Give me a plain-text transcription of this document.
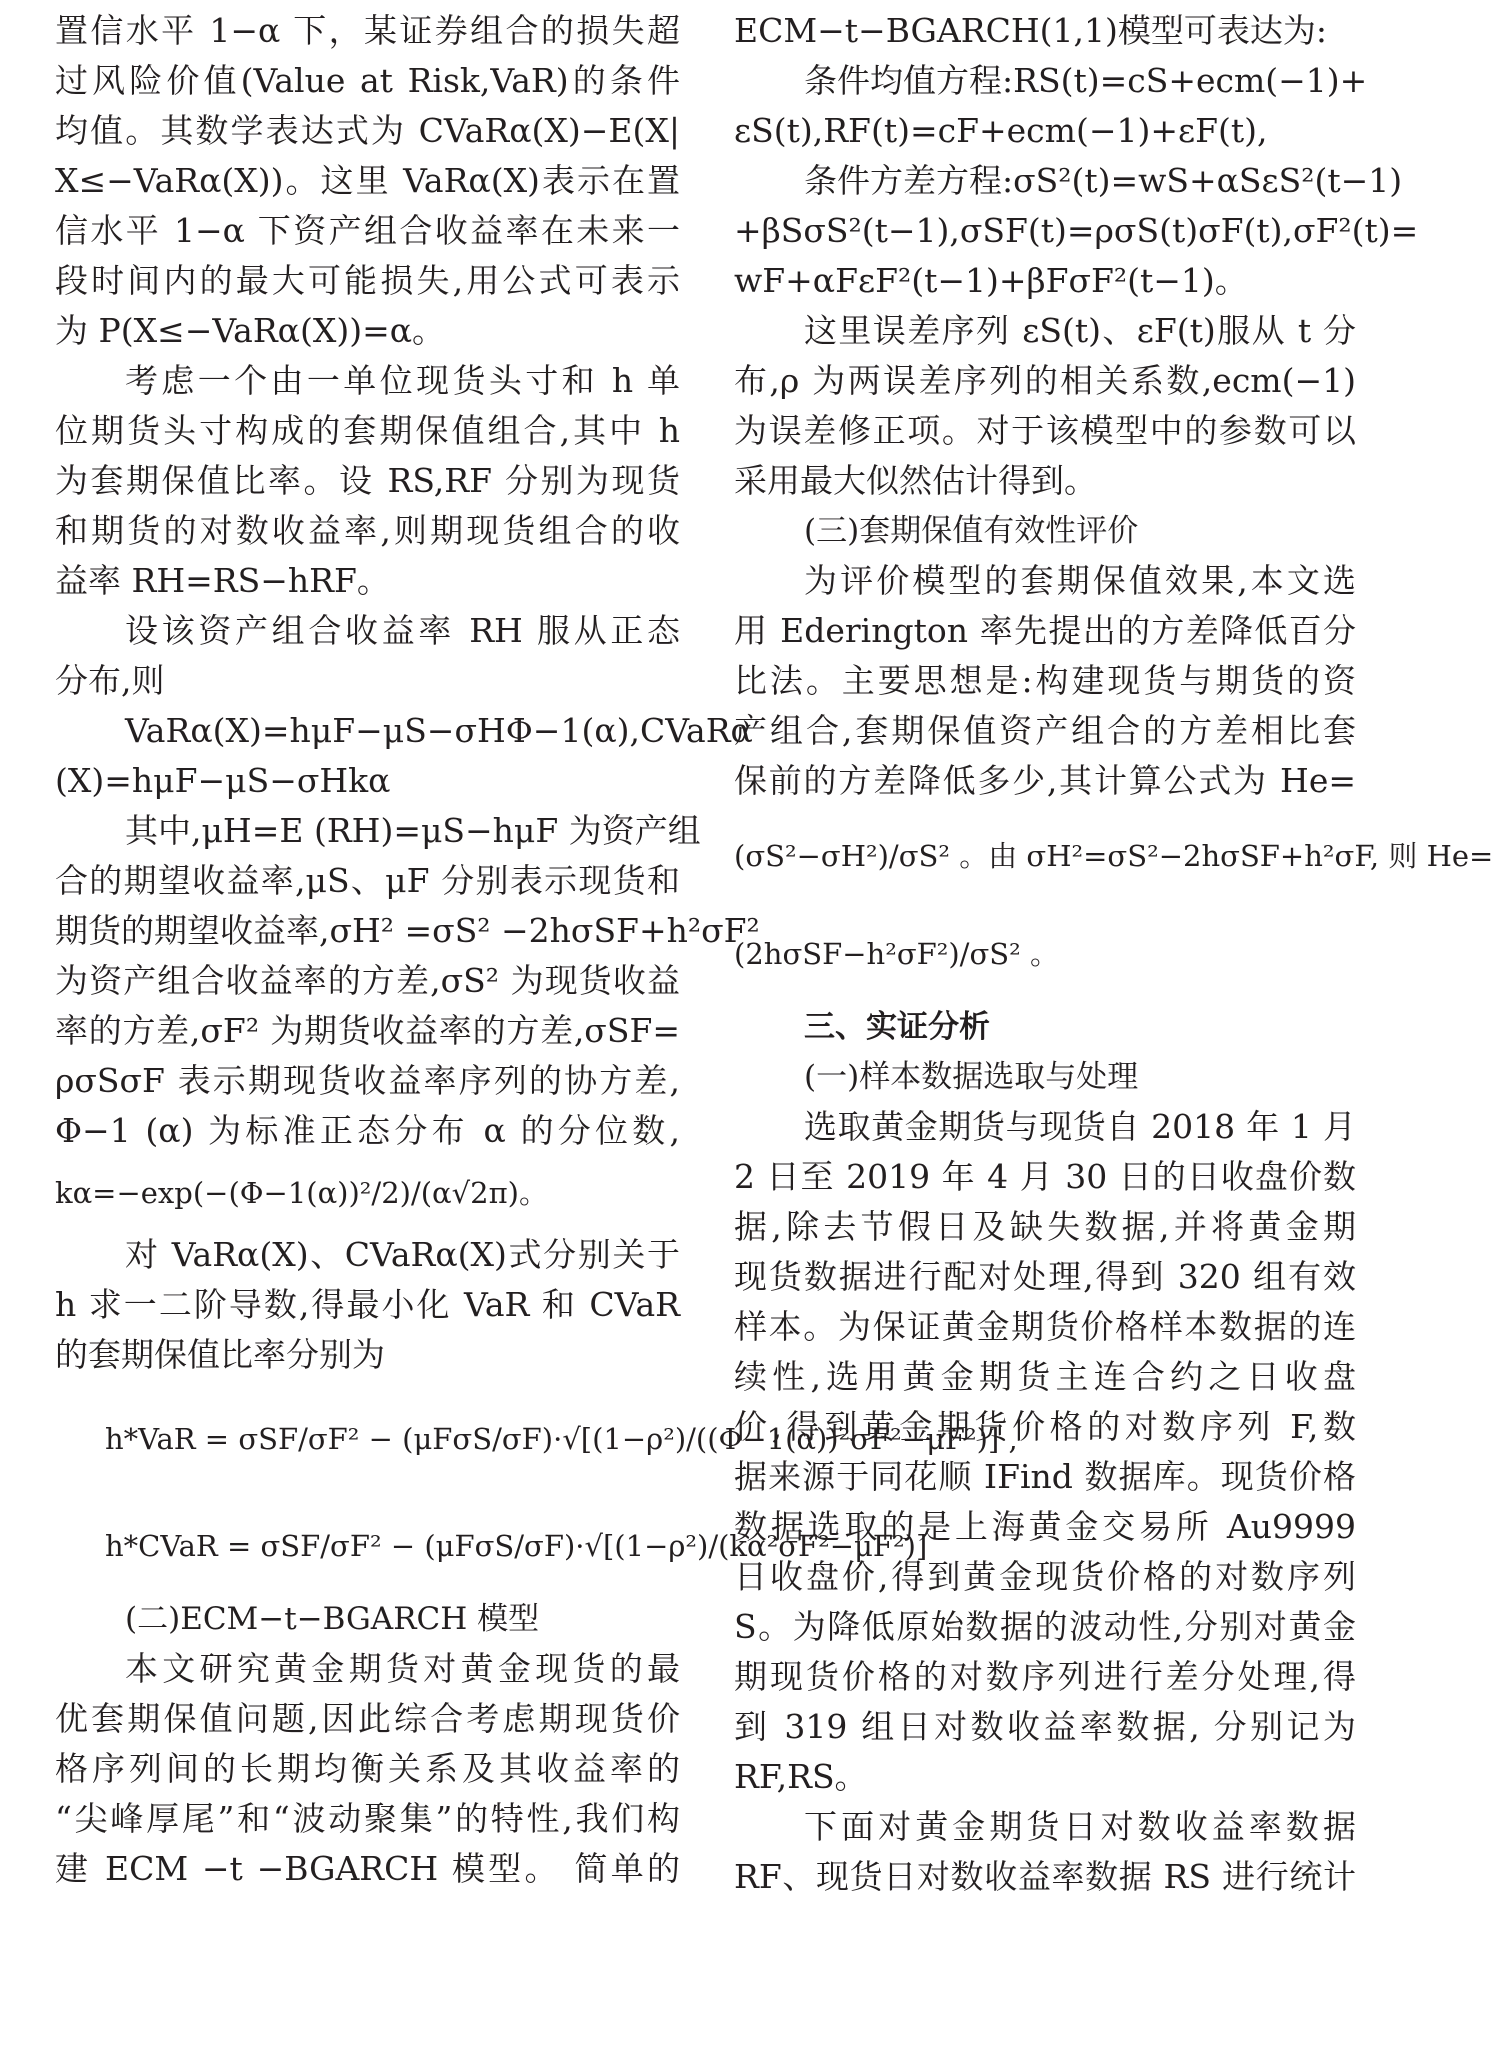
置信水平 1−α 下，某证券组合的损失超
过风险价值(Value at Risk,VaR)的条件
均值。其数学表达式为 CVaRα(X)−E(X|
X≤−VaRα(X))。这里 VaRα(X)表示在置
信水平 1−α 下资产组合收益率在未来一
段时间内的最大可能损失,用公式可表示
为 P(X≤−VaRα(X))=α。
考虑一个由一单位现货头寸和 h 单
位期货头寸构成的套期保值组合,其中 h
为套期保值比率。设 RS,RF 分别为现货
和期货的对数收益率,则期现货组合的收
益率 RH=RS−hRF。
设该资产组合收益率 RH 服从正态
分布,则
VaRα(X)=hμF−μS−σHΦ−1(α),CVaRα
(X)=hμF−μS−σHkα
其中,μH=E (RH)=μS−hμF 为资产组
合的期望收益率,μS、μF 分别表示现货和
期货的期望收益率,σH² =σS² −2hσSF+h²σF²
为资产组合收益率的方差,σS² 为现货收益
率的方差,σF² 为期货收益率的方差,σSF=
ρσSσF 表示期现货收益率序列的协方差,
Φ−1 (α) 为标准正态分布 α 的分位数,
kα=−exp(−(Φ−1(α))²/2)/(α√2π)。
对 VaRα(X)、CVaRα(X)式分别关于
h 求一二阶导数,得最小化 VaR 和 CVaR
的套期保值比率分别为
h*VaR = σSF/σF² − (μFσS/σF)·√[(1−ρ²)/((Φ−1(α))²σF²−μF²)] ,
h*CVaR = σSF/σF² − (μFσS/σF)·√[(1−ρ²)/(kα²σF²−μF²)]
(二)ECM−t−BGARCH 模型
本文研究黄金期货对黄金现货的最
优套期保值问题,因此综合考虑期现货价
格序列间的长期均衡关系及其收益率的
“尖峰厚尾”和“波动聚集”的特性,我们构
建 ECM −t −BGARCH 模型。 简单的
ECM−t−BGARCH(1,1)模型可表达为:
条件均值方程:RS(t)=cS+ecm(−1)+
εS(t),RF(t)=cF+ecm(−1)+εF(t),
条件方差方程:σS²(t)=wS+αSεS²(t−1)
+βSσS²(t−1),σSF(t)=ρσS(t)σF(t),σF²(t)=
wF+αFεF²(t−1)+βFσF²(t−1)。
这里误差序列 εS(t)、εF(t)服从 t 分
布,ρ 为两误差序列的相关系数,ecm(−1)
为误差修正项。对于该模型中的参数可以
采用最大似然估计得到。
(三)套期保值有效性评价
为评价模型的套期保值效果,本文选
用 Ederington 率先提出的方差降低百分
比法。主要思想是:构建现货与期货的资
产组合,套期保值资产组合的方差相比套
保前的方差降低多少,其计算公式为 He=
(σS²−σH²)/σS² 。由 σH²=σS²−2hσSF+h²σF, 则 He=
(2hσSF−h²σF²)/σS² 。
三、实证分析
(一)样本数据选取与处理
选取黄金期货与现货自 2018 年 1 月
2 日至 2019 年 4 月 30 日的日收盘价数
据,除去节假日及缺失数据,并将黄金期
现货数据进行配对处理,得到 320 组有效
样本。为保证黄金期货价格样本数据的连
续性,选用黄金期货主连合约之日收盘
价,得到黄金期货价格的对数序列 F,数
据来源于同花顺 IFind 数据库。现货价格
数据选取的是上海黄金交易所 Au9999
日收盘价,得到黄金现货价格的对数序列
S。为降低原始数据的波动性,分别对黄金
期现货价格的对数序列进行差分处理,得
到 319 组日对数收益率数据, 分别记为
RF,RS。
下面对黄金期货日对数收益率数据
RF、现货日对数收益率数据 RS 进行统计
